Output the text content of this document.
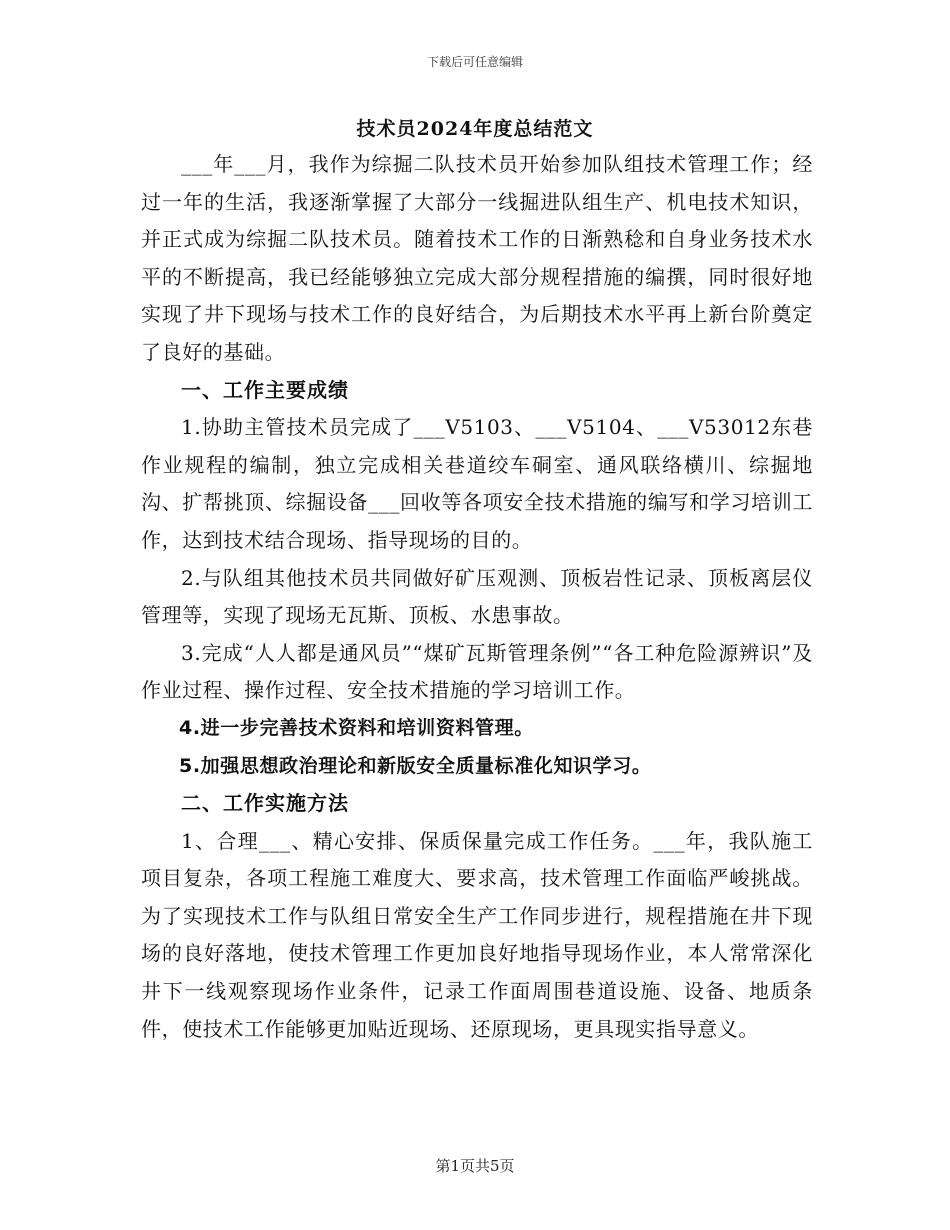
下载后可任意编辑
技术员2024年度总结范文

___年___月，我作为综掘二队技术员开始参加队组技术管理工作；经过一年的生活，我逐渐掌握了大部分一线掘进队组生产、机电技术知识，并正式成为综掘二队技术员。随着技术工作的日渐熟稔和自身业务技术水平的不断提高，我已经能够独立完成大部分规程措施的编撰，同时很好地实现了井下现场与技术工作的良好结合，为后期技术水平再上新台阶奠定了良好的基础。

一、工作主要成绩

1.协助主管技术员完成了___V5103、___V5104、___V53012东巷作业规程的编制，独立完成相关巷道绞车硐室、通风联络横川、综掘地沟、扩帮挑顶、综掘设备___回收等各项安全技术措施的编写和学习培训工作，达到技术结合现场、指导现场的目的。

2.与队组其他技术员共同做好矿压观测、顶板岩性记录、顶板离层仪管理等，实现了现场无瓦斯、顶板、水患事故。

3.完成“人人都是通风员”“煤矿瓦斯管理条例”“各工种危险源辨识”及作业过程、操作过程、安全技术措施的学习培训工作。

4.进一步完善技术资料和培训资料管理。

5.加强思想政治理论和新版安全质量标准化知识学习。

二、工作实施方法

1、合理___、精心安排、保质保量完成工作任务。___年，我队施工项目复杂，各项工程施工难度大、要求高，技术管理工作面临严峻挑战。为了实现技术工作与队组日常安全生产工作同步进行，规程措施在井下现场的良好落地，使技术管理工作更加良好地指导现场作业，本人常常深化井下一线观察现场作业条件，记录工作面周围巷道设施、设备、地质条件，使技术工作能够更加贴近现场、还原现场，更具现实指导意义。

第1页共5页
